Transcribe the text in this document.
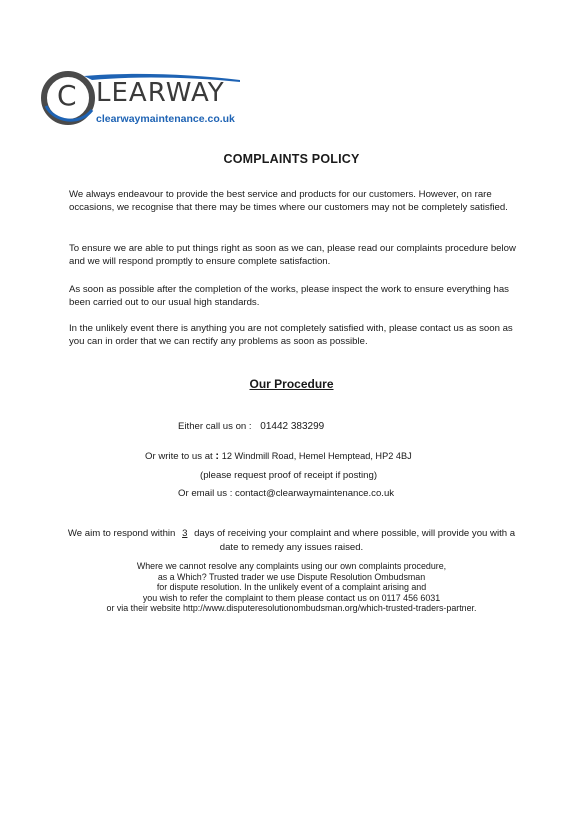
C LEARWAY
clearwaymaintenance.co.uk
COMPLAINTS POLICY
We always endeavour to provide the best service and products for our customers. However, on rare occasions, we recognise that there may be times where our customers may not be completely satisfied.
To ensure we are able to put things right as soon as we can, please read our complaints procedure below and we will respond promptly to ensure complete satisfaction.
As soon as possible after the completion of the works, please inspect the work to ensure everything has been carried out to our usual high standards.
In the unlikely event there is anything you are not completely satisfied with, please contact us as soon as you can in order that we can rectify any problems as soon as possible.
Our Procedure
Either call us on : 01442 383299
Or write to us at : 12 Windmill Road, Hemel Hemptead, HP2 4BJ
(please request proof of receipt if posting)
Or email us : contact@clearwaymaintenance.co.uk
We aim to respond within 3 days of receiving your complaint and where possible, will provide you with a date to remedy any issues raised.
Where we cannot resolve any complaints using our own complaints procedure,
as a Which? Trusted trader we use Dispute Resolution Ombudsman
for dispute resolution. In the unlikely event of a complaint arising and
you wish to refer the complaint to them please contact us on 0117 456 6031
or via their website http://www.disputeresolutionombudsman.org/which-trusted-traders-partner.
